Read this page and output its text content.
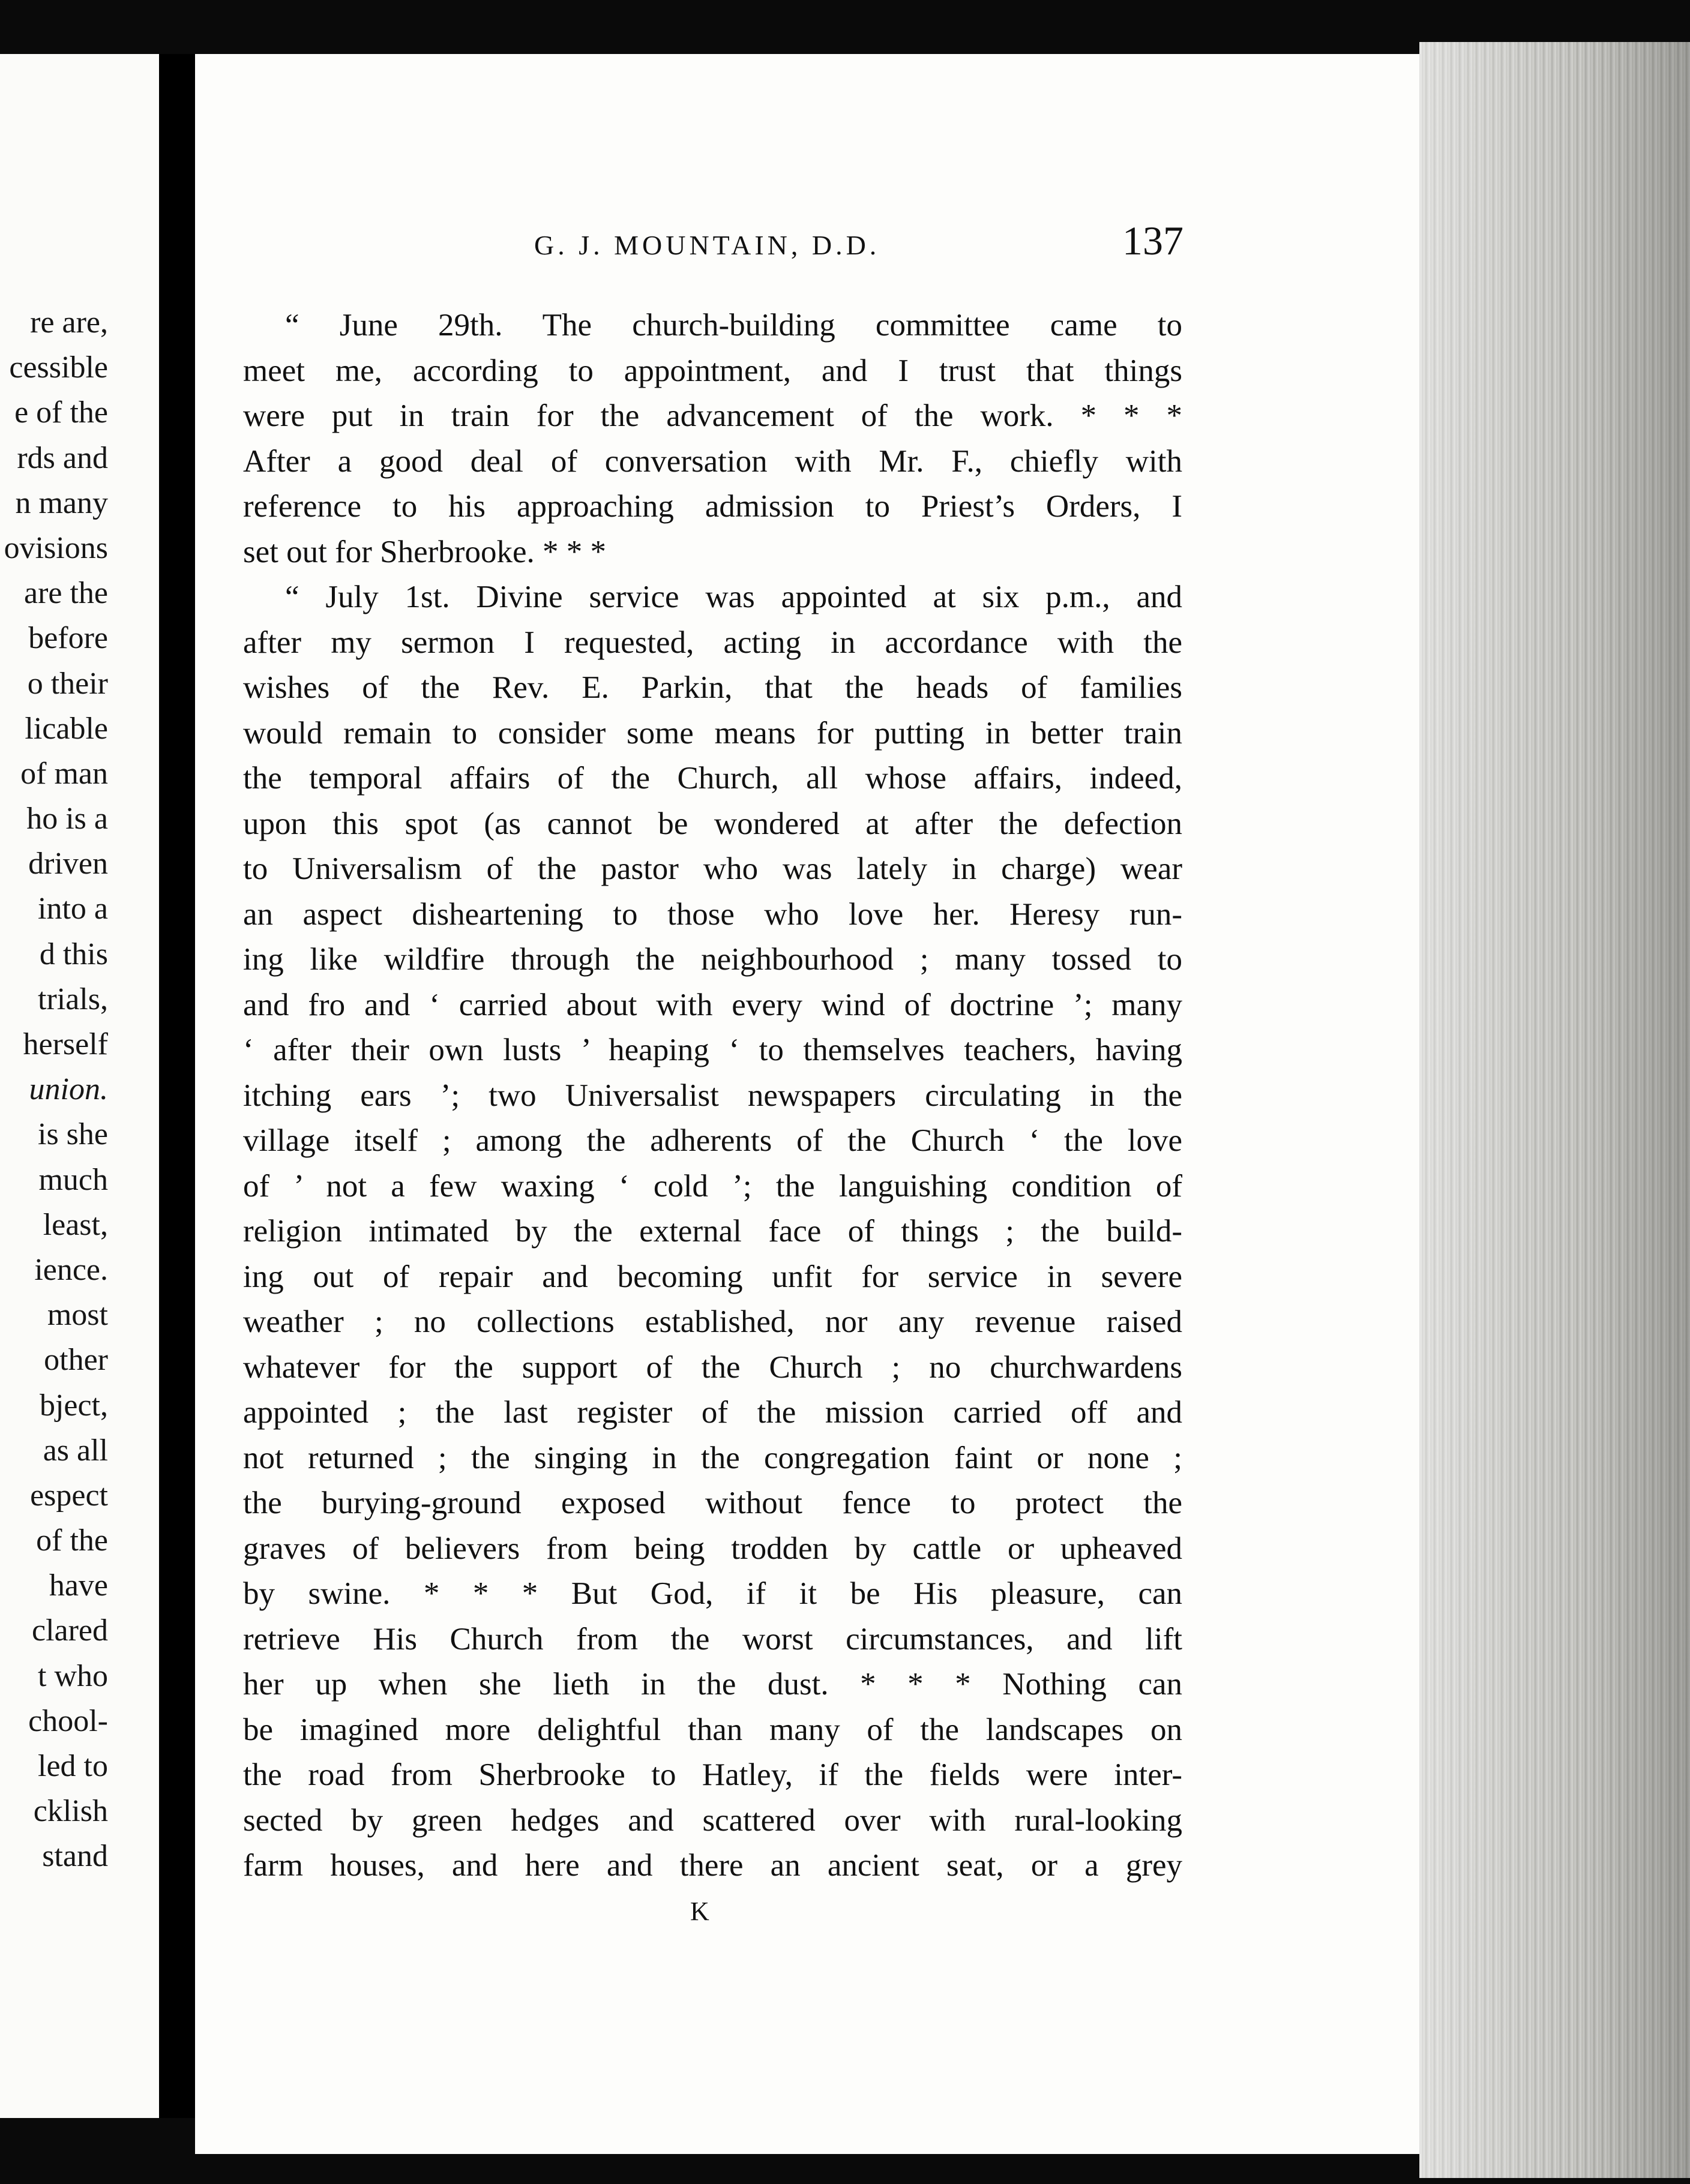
re are,
cessible
e of the
rds and
n many
ovisions
are the
before
o their
licable
of man
ho is a
driven
into a
d this
trials,
herself
union.
is she
much
least,
ience.
most
other
bject,
as all
espect
of the
have
clared
t who
chool-
led to
cklish
stand
G. J. MOUNTAIN, D.D.	137
“ June 29th. The church-building committee came to
meet me, according to appointment, and I trust that things
were put in train for the advancement of the work. * * *
After a good deal of conversation with Mr. F., chiefly with
reference to his approaching admission to Priest’s Orders, I
set out for Sherbrooke. * * *
“ July 1st. Divine service was appointed at six p.m., and
after my sermon I requested, acting in accordance with the
wishes of the Rev. E. Parkin, that the heads of families
would remain to consider some means for putting in better train
the temporal affairs of the Church, all whose affairs, indeed,
upon this spot (as cannot be wondered at after the defection
to Universalism of the pastor who was lately in charge) wear
an aspect disheartening to those who love her. Heresy run-
ing like wildfire through the neighbourhood ; many tossed to
and fro and ‘ carried about with every wind of doctrine ’; many
‘ after their own lusts ’ heaping ‘ to themselves teachers, having
itching ears ’; two Universalist newspapers circulating in the
village itself ; among the adherents of the Church ‘ the love
of ’ not a few waxing ‘ cold ’; the languishing condition of
religion intimated by the external face of things ; the build-
ing out of repair and becoming unfit for service in severe
weather ; no collections established, nor any revenue raised
whatever for the support of the Church ; no churchwardens
appointed ; the last register of the mission carried off and
not returned ; the singing in the congregation faint or none ;
the burying-ground exposed without fence to protect the
graves of believers from being trodden by cattle or upheaved
by swine. * * * But God, if it be His pleasure, can
retrieve His Church from the worst circumstances, and lift
her up when she lieth in the dust. * * * Nothing can
be imagined more delightful than many of the landscapes on
the road from Sherbrooke to Hatley, if the fields were inter-
sected by green hedges and scattered over with rural-looking
farm houses, and here and there an ancient seat, or a grey
K
